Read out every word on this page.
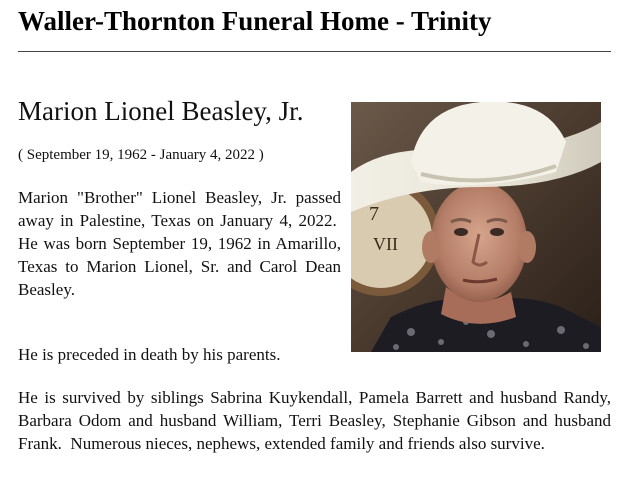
Waller-Thornton Funeral Home - Trinity
Marion Lionel Beasley, Jr.
( September 19, 1962 - January 4, 2022 )
7
VII

Marion "Brother" Lionel Beasley, Jr. passed away in Palestine, Texas on January 4, 2022.  He was born September 19, 1962 in Amarillo, Texas to Marion Lionel, Sr. and Carol Dean Beasley.

He is preceded in death by his parents.

He is survived by siblings Sabrina Kuykendall, Pamela Barrett and husband Randy, Barbara Odom and husband William, Terri Beasley, Stephanie Gibson and husband Frank.  Numerous nieces, nephews, extended family and friends also survive.
